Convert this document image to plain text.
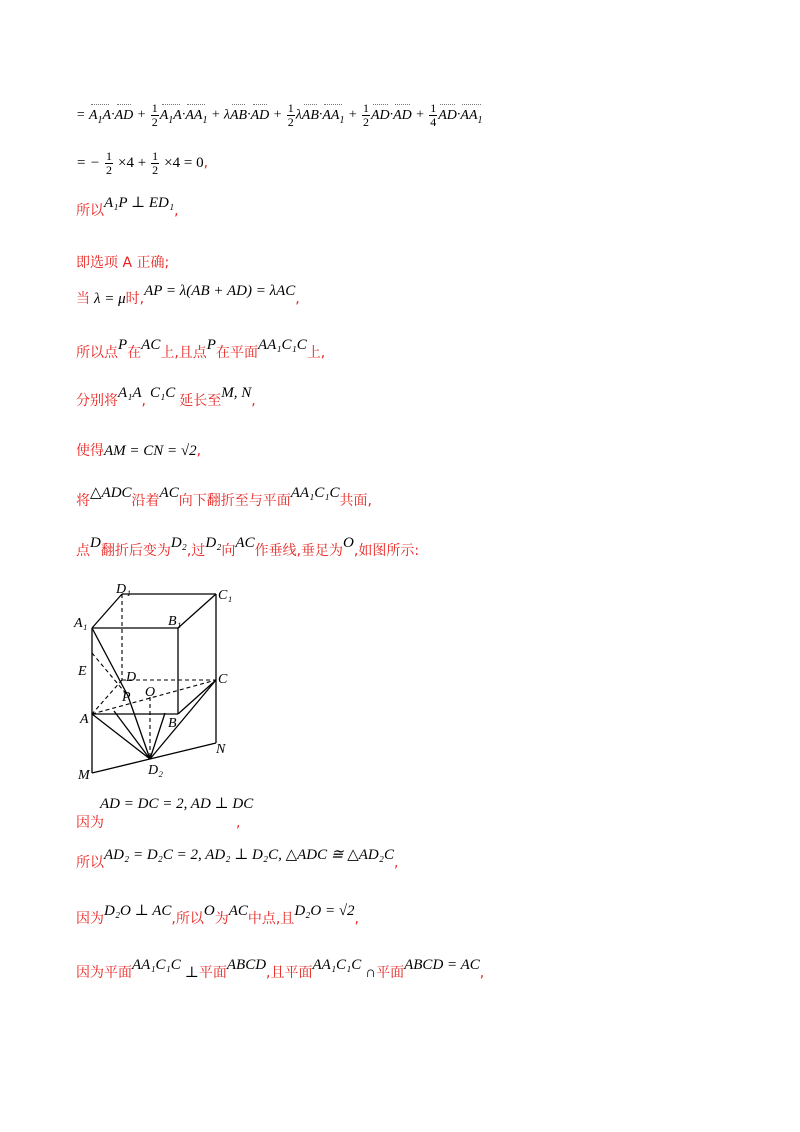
= $A_1A\cdot AD + \frac{1}{2} A_1A\cdot AA_1 + \lambda AB\cdot AD + \frac{1}{2} \lambda AB\cdot AA_1 + \frac{1}{2} AD\cdot AD + \frac{1}{4} AD\cdot AA_1$
= − $\frac{1}{2} \times 4 + \frac{1}{2} \times 4 = 0$,
所以A₁P ⊥ ED₁,
即选项 A 正确;
当 λ = μ时,AP = λ(AB + AD) = λAC,
所以点P在AC上,且点P在平面AA₁C₁C上,
分别将A₁A, C₁C 延长至M, N,
使得AM = CN = √2,
将△ADC沿着AC向下翻折至与平面AA₁C₁C共面,
点D翻折后变为D₂,过D₂向AC作垂线,垂足为O,如图所示:
D₁	C₁
A₁	B₁
E	D	C
P O
A	B
M
N
D₂
AD = DC = 2, AD ⊥ DC
因为	,
所以AD₂ = D₂C = 2, AD₂ ⊥ D₂C, △ADC ≅ △AD₂C,
因为D₂O ⊥ AC,所以O为AC中点,且D₂O = √2,
因为平面AA₁C₁C ⊥平面ABCD,且平面AA₁C₁C ∩平面ABCD = AC,
